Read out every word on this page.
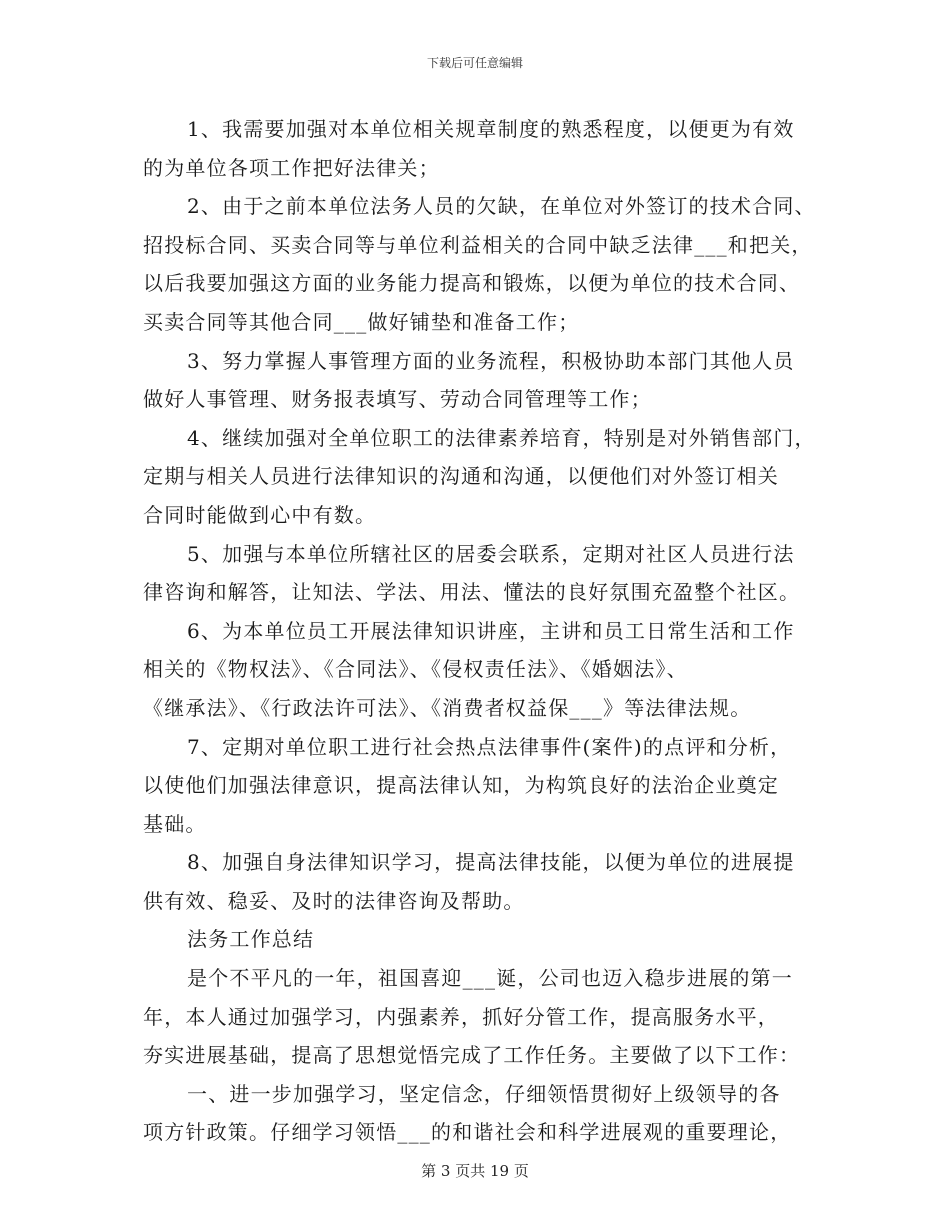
下载后可任意编辑
1、我需要加强对本单位相关规章制度的熟悉程度，以便更为有效
的为单位各项工作把好法律关；
2、由于之前本单位法务人员的欠缺，在单位对外签订的技术合同、
招投标合同、买卖合同等与单位利益相关的合同中缺乏法律___和把关，
以后我要加强这方面的业务能力提高和锻炼，以便为单位的技术合同、
买卖合同等其他合同___做好铺垫和准备工作；
3、努力掌握人事管理方面的业务流程，积极协助本部门其他人员
做好人事管理、财务报表填写、劳动合同管理等工作；
4、继续加强对全单位职工的法律素养培育，特别是对外销售部门，
定期与相关人员进行法律知识的沟通和沟通，以便他们对外签订相关
合同时能做到心中有数。
5、加强与本单位所辖社区的居委会联系，定期对社区人员进行法
律咨询和解答，让知法、学法、用法、懂法的良好氛围充盈整个社区。
6、为本单位员工开展法律知识讲座，主讲和员工日常生活和工作
相关的《物权法》、《合同法》、《侵权责任法》、《婚姻法》、
《继承法》、《行政法许可法》、《消费者权益保___》等法律法规。
7、定期对单位职工进行社会热点法律事件(案件)的点评和分析，
以使他们加强法律意识，提高法律认知，为构筑良好的法治企业奠定
基础。
8、加强自身法律知识学习，提高法律技能，以便为单位的进展提
供有效、稳妥、及时的法律咨询及帮助。
法务工作总结
是个不平凡的一年，祖国喜迎___诞，公司也迈入稳步进展的第一
年，本人通过加强学习，内强素养，抓好分管工作，提高服务水平，
夯实进展基础，提高了思想觉悟完成了工作任务。主要做了以下工作：
一、进一步加强学习，坚定信念，仔细领悟贯彻好上级领导的各
项方针政策。仔细学习领悟___的和谐社会和科学进展观的重要理论，
第 3 页共 19 页
